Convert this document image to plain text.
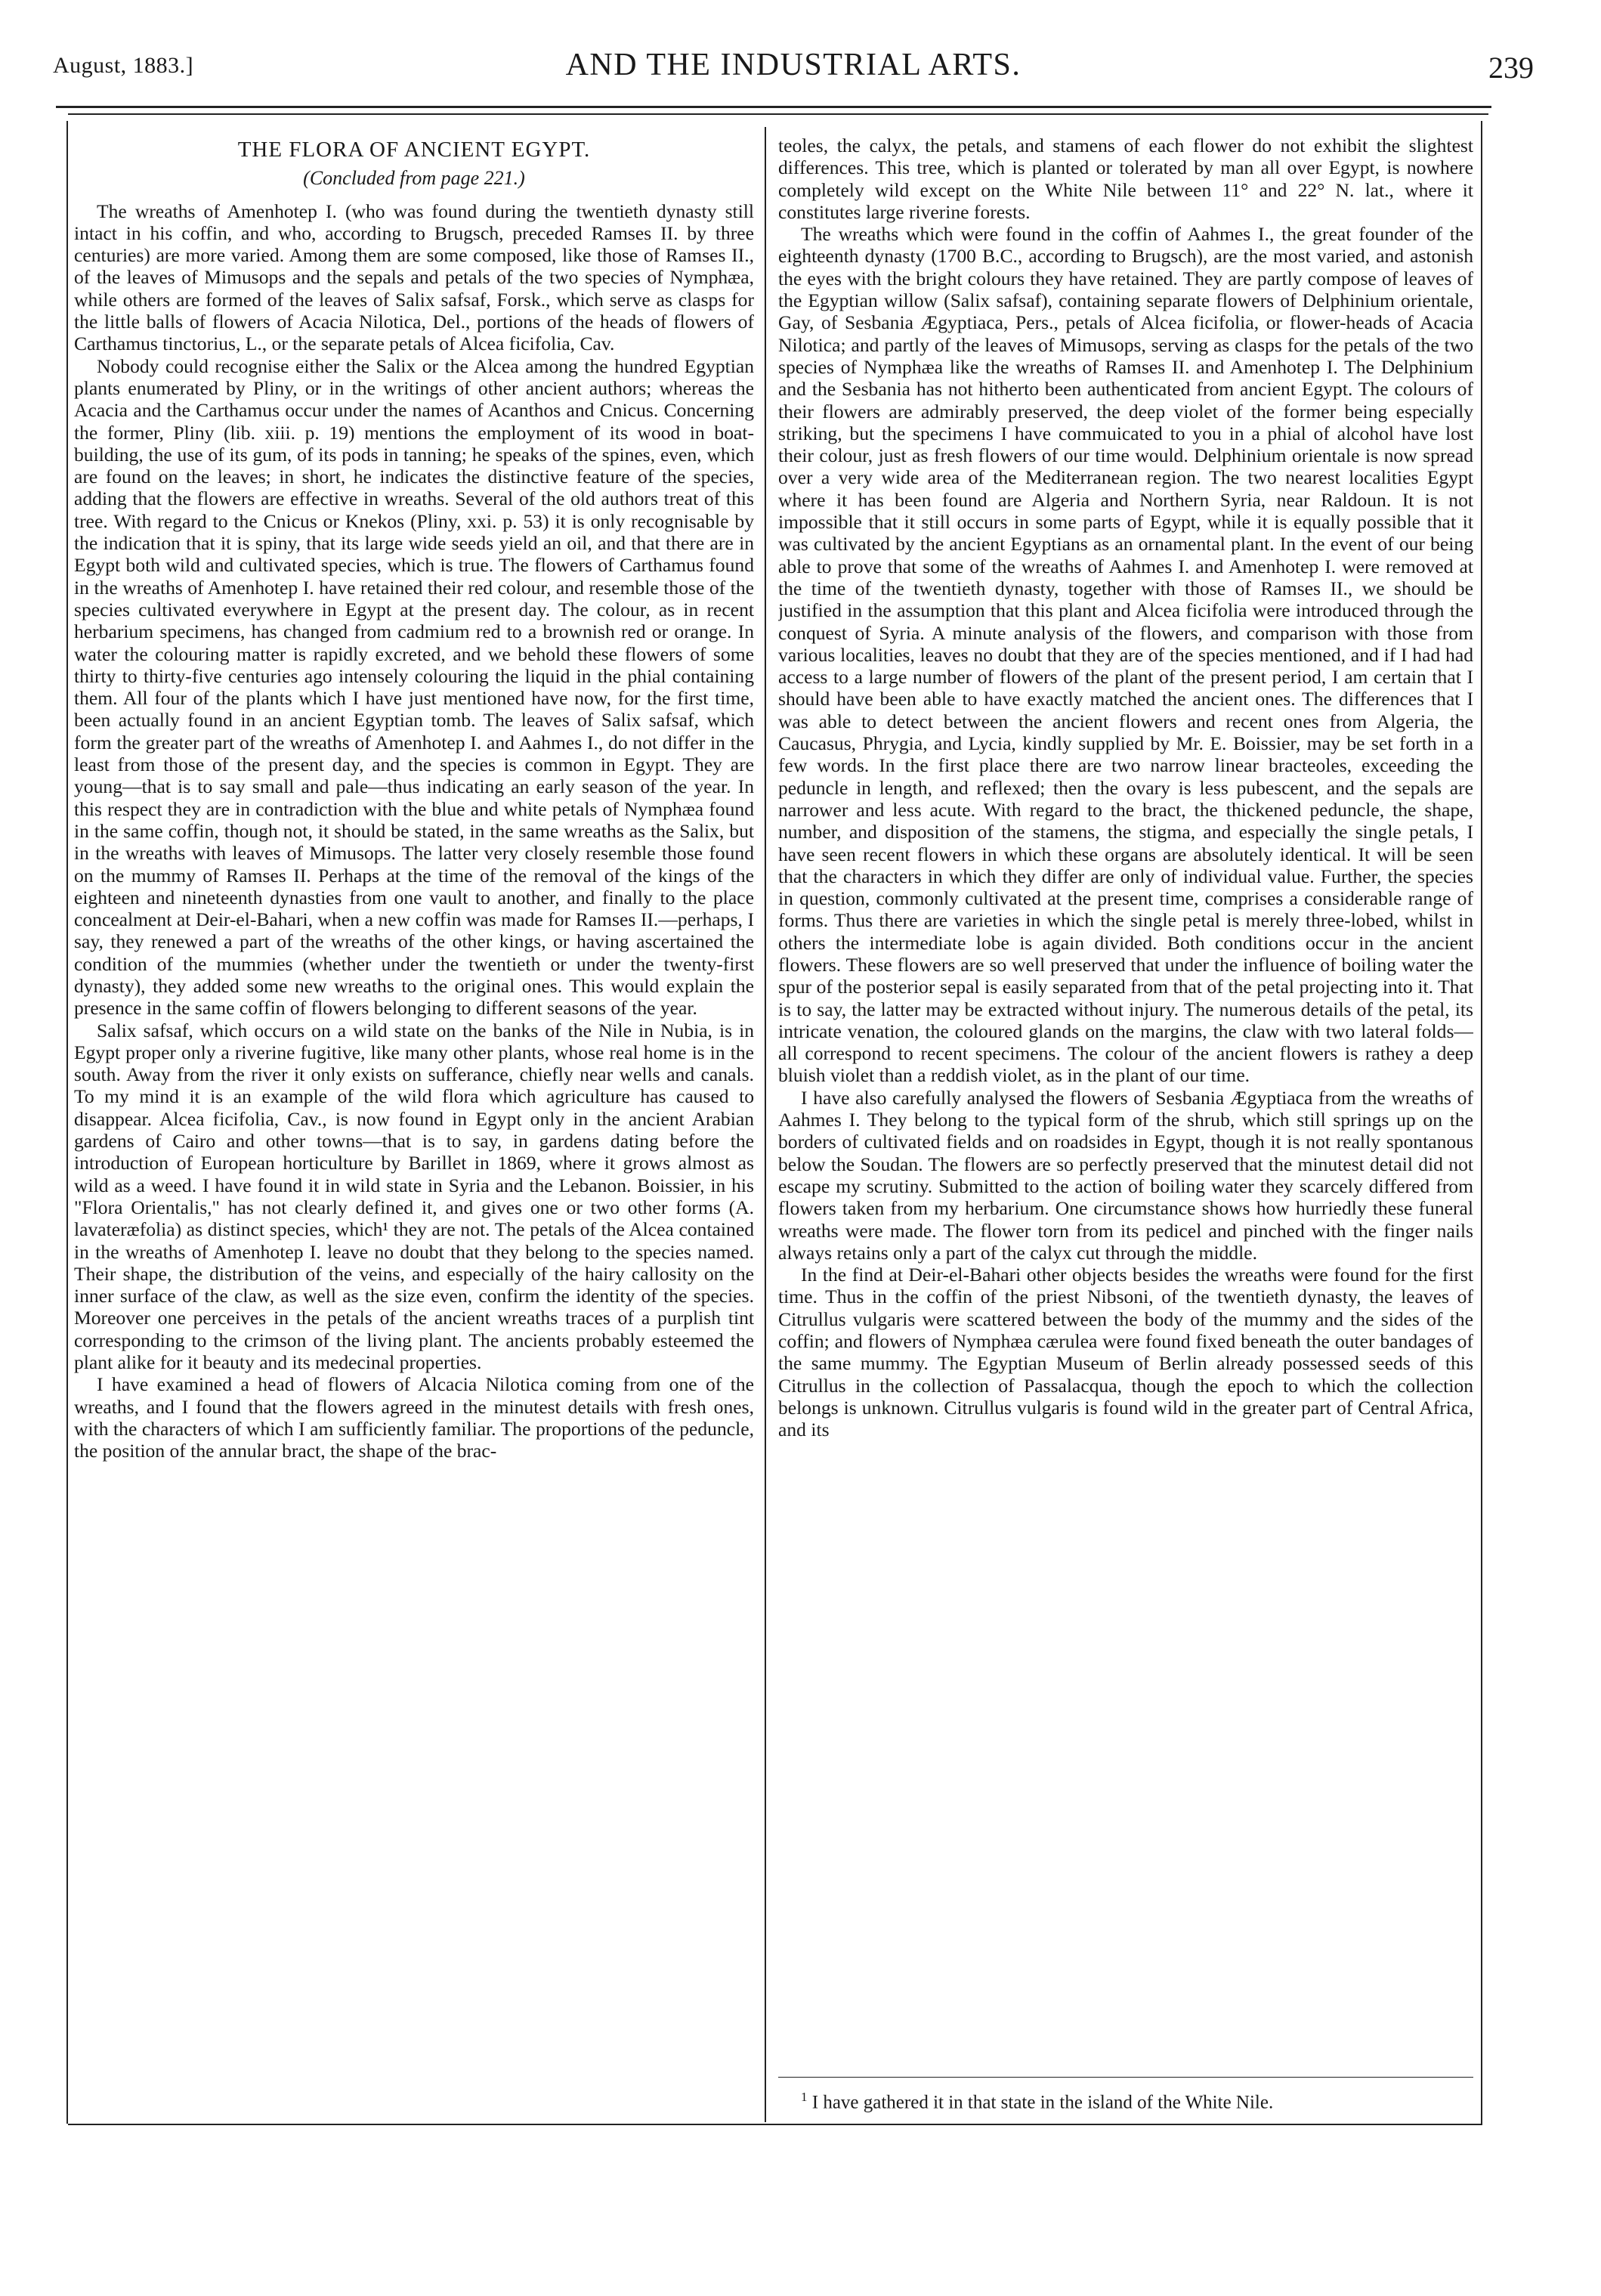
August, 1883.]	AND THE INDUSTRIAL ARTS.	239
THE FLORA OF ANCIENT EGYPT.
(Concluded from page 221.)

The wreaths of Amenhotep I. (who was found during the twentieth dynasty still intact in his coffin, and who, according to Brugsch, preceded Ramses II. by three centuries) are more varied. Among them are some composed, like those of Ramses II., of the leaves of Mimusops and the sepals and petals of the two species of Nymphæa, while others are formed of the leaves of Salix safsaf, Forsk., which serve as clasps for the little balls of flowers of Acacia Nilotica, Del., portions of the heads of flowers of Carthamus tinctorius, L., or the separate petals of Alcea ficifolia, Cav.

Nobody could recognise either the Salix or the Alcea among the hundred Egyptian plants enumerated by Pliny, or in the writings of other ancient authors; whereas the Acacia and the Carthamus occur under the names of Acanthos and Cnicus. Concerning the former, Pliny (lib. xiii. p. 19) mentions the employment of its wood in boat-building, the use of its gum, of its pods in tanning; he speaks of the spines, even, which are found on the leaves; in short, he indicates the distinctive feature of the species, adding that the flowers are effective in wreaths. Several of the old authors treat of this tree. With regard to the Cnicus or Knekos (Pliny, xxi. p. 53) it is only recognisable by the indication that it is spiny, that its large wide seeds yield an oil, and that there are in Egypt both wild and cultivated species, which is true. The flowers of Carthamus found in the wreaths of Amenhotep I. have retained their red colour, and resemble those of the species cultivated everywhere in Egypt at the present day. The colour, as in recent herbarium specimens, has changed from cadmium red to a brownish red or orange. In water the colouring matter is rapidly excreted, and we behold these flowers of some thirty to thirty-five centuries ago intensely colouring the liquid in the phial containing them. All four of the plants which I have just mentioned have now, for the first time, been actually found in an ancient Egyptian tomb. The leaves of Salix safsaf, which form the greater part of the wreaths of Amenhotep I. and Aahmes I., do not differ in the least from those of the present day, and the species is common in Egypt. They are young—that is to say small and pale—thus indicating an early season of the year. In this respect they are in contradiction with the blue and white petals of Nymphæa found in the same coffin, though not, it should be stated, in the same wreaths as the Salix, but in the wreaths with leaves of Mimusops. The latter very closely resemble those found on the mummy of Ramses II. Perhaps at the time of the removal of the kings of the eighteen and nineteenth dynasties from one vault to another, and finally to the place concealment at Deir-el-Bahari, when a new coffin was made for Ramses II.—perhaps, I say, they renewed a part of the wreaths of the other kings, or having ascertained the condition of the mummies (whether under the twentieth or under the twenty-first dynasty), they added some new wreaths to the original ones. This would explain the presence in the same coffin of flowers belonging to different seasons of the year.

Salix safsaf, which occurs on a wild state on the banks of the Nile in Nubia, is in Egypt proper only a riverine fugitive, like many other plants, whose real home is in the south. Away from the river it only exists on sufferance, chiefly near wells and canals. To my mind it is an example of the wild flora which agriculture has caused to disappear. Alcea ficifolia, Cav., is now found in Egypt only in the ancient Arabian gardens of Cairo and other towns—that is to say, in gardens dating before the introduction of European horticulture by Barillet in 1869, where it grows almost as wild as a weed. I have found it in wild state in Syria and the Lebanon. Boissier, in his "Flora Orientalis," has not clearly defined it, and gives one or two other forms (A. lavateræfolia) as distinct species, which¹ they are not. The petals of the Alcea contained in the wreaths of Amenhotep I. leave no doubt that they belong to the species named. Their shape, the distribution of the veins, and especially of the hairy callosity on the inner surface of the claw, as well as the size even, confirm the identity of the species. Moreover one perceives in the petals of the ancient wreaths traces of a purplish tint corresponding to the crimson of the living plant. The ancients probably esteemed the plant alike for it beauty and its medecinal properties.

I have examined a head of flowers of Alcacia Nilotica coming from one of the wreaths, and I found that the flowers agreed in the minutest details with fresh ones, with the characters of which I am sufficiently familiar. The proportions of the peduncle, the position of the annular bract, the shape of the brac-

teoles, the calyx, the petals, and stamens of each flower do not exhibit the slightest differences. This tree, which is planted or tolerated by man all over Egypt, is nowhere completely wild except on the White Nile between 11° and 22° N. lat., where it constitutes large riverine forests.

The wreaths which were found in the coffin of Aahmes I., the great founder of the eighteenth dynasty (1700 B.C., according to Brugsch), are the most varied, and astonish the eyes with the bright colours they have retained. They are partly compose of leaves of the Egyptian willow (Salix safsaf), containing separate flowers of Delphinium orientale, Gay, of Sesbania Ægyptiaca, Pers., petals of Alcea ficifolia, or flower-heads of Acacia Nilotica; and partly of the leaves of Mimusops, serving as clasps for the petals of the two species of Nymphæa like the wreaths of Ramses II. and Amenhotep I. The Delphinium and the Sesbania has not hitherto been authenticated from ancient Egypt. The colours of their flowers are admirably preserved, the deep violet of the former being especially striking, but the specimens I have commuicated to you in a phial of alcohol have lost their colour, just as fresh flowers of our time would. Delphinium orientale is now spread over a very wide area of the Mediterranean region. The two nearest localities Egypt where it has been found are Algeria and Northern Syria, near Raldoun. It is not impossible that it still occurs in some parts of Egypt, while it is equally possible that it was cultivated by the ancient Egyptians as an ornamental plant. In the event of our being able to prove that some of the wreaths of Aahmes I. and Amenhotep I. were removed at the time of the twentieth dynasty, together with those of Ramses II., we should be justified in the assumption that this plant and Alcea ficifolia were introduced through the conquest of Syria. A minute analysis of the flowers, and comparison with those from various localities, leaves no doubt that they are of the species mentioned, and if I had had access to a large number of flowers of the plant of the present period, I am certain that I should have been able to have exactly matched the ancient ones. The differences that I was able to detect between the ancient flowers and recent ones from Algeria, the Caucasus, Phrygia, and Lycia, kindly supplied by Mr. E. Boissier, may be set forth in a few words. In the first place there are two narrow linear bracteoles, exceeding the peduncle in length, and reflexed; then the ovary is less pubescent, and the sepals are narrower and less acute. With regard to the bract, the thickened peduncle, the shape, number, and disposition of the stamens, the stigma, and especially the single petals, I have seen recent flowers in which these organs are absolutely identical. It will be seen that the characters in which they differ are only of individual value. Further, the species in question, commonly cultivated at the present time, comprises a considerable range of forms. Thus there are varieties in which the single petal is merely three-lobed, whilst in others the intermediate lobe is again divided. Both conditions occur in the ancient flowers. These flowers are so well preserved that under the influence of boiling water the spur of the posterior sepal is easily separated from that of the petal projecting into it. That is to say, the latter may be extracted without injury. The numerous details of the petal, its intricate venation, the coloured glands on the margins, the claw with two lateral folds—all correspond to recent specimens. The colour of the ancient flowers is rathey a deep bluish violet than a reddish violet, as in the plant of our time.

I have also carefully analysed the flowers of Sesbania Ægyptiaca from the wreaths of Aahmes I. They belong to the typical form of the shrub, which still springs up on the borders of cultivated fields and on roadsides in Egypt, though it is not really spontanous below the Soudan. The flowers are so perfectly preserved that the minutest detail did not escape my scrutiny. Submitted to the action of boiling water they scarcely differed from flowers taken from my herbarium. One circumstance shows how hurriedly these funeral wreaths were made. The flower torn from its pedicel and pinched with the finger nails always retains only a part of the calyx cut through the middle.

In the find at Deir-el-Bahari other objects besides the wreaths were found for the first time. Thus in the coffin of the priest Nibsoni, of the twentieth dynasty, the leaves of Citrullus vulgaris were scattered between the body of the mummy and the sides of the coffin; and flowers of Nymphæa cærulea were found fixed beneath the outer bandages of the same mummy. The Egyptian Museum of Berlin already possessed seeds of this Citrullus in the collection of Passalacqua, though the epoch to which the collection belongs is unknown. Citrullus vulgaris is found wild in the greater part of Central Africa, and its

$^1$ I have gathered it in that state in the island of the White Nile.
